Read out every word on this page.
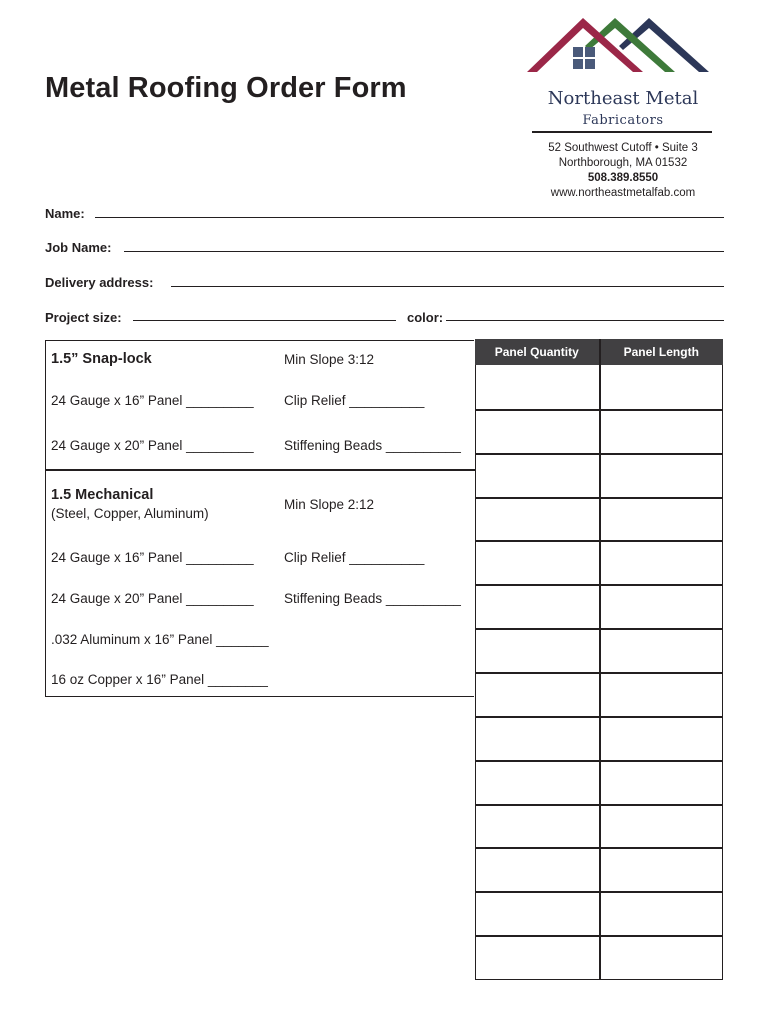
Metal Roofing Order Form	Northeast Metal
Fabricators
52 Southwest Cutoff • Suite 3
Northborough, MA 01532
508.389.8550
www.northeastmetalfab.com
Name:
Job Name:
Delivery address:
Project size:	color:
1.5” Snap-lock	Min Slope 3:12
24 Gauge x 16” Panel _________ Clip Relief __________
24 Gauge x 20” Panel _________ Stiffening Beads __________
1.5 Mechanical
(Steel, Copper, Aluminum)
Min Slope 2:12
24 Gauge x 16” Panel _________ Clip Relief __________
24 Gauge x 20” Panel _________ Stiffening Beads __________
.032 Aluminum x 16” Panel _______
16 oz Copper x 16” Panel ________
Panel Quantity	Panel Length
